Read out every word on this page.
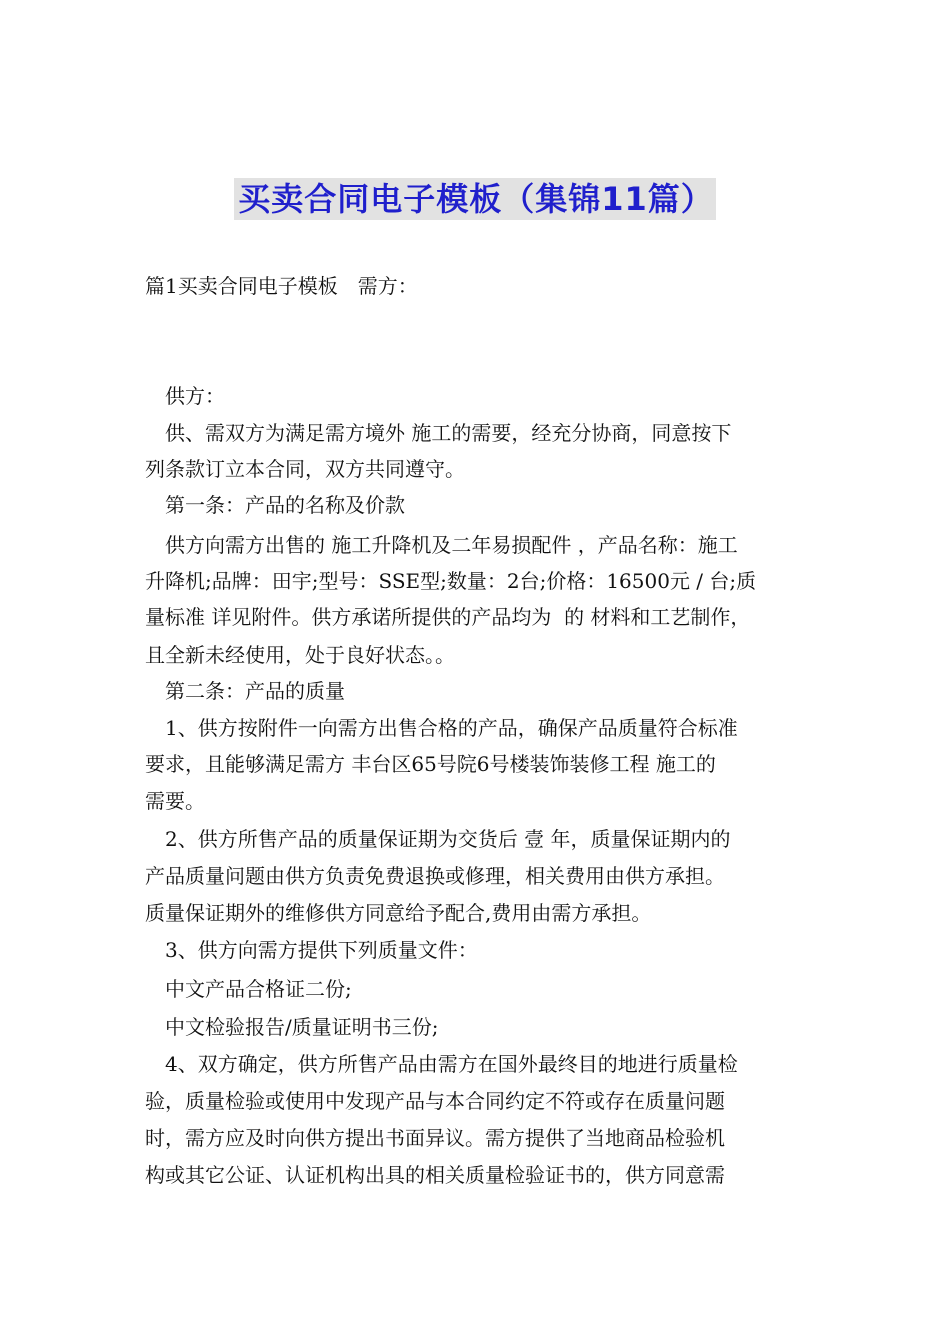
买卖合同电子模板（集锦11篇）
篇1买卖合同电子模板　需方：
供方：
供、需双方为满足需方境外 施工的需要，经充分协商，同意按下
列条款订立本合同，双方共同遵守。
第一条：产品的名称及价款
供方向需方出售的 施工升降机及二年易损配件 ，产品名称：施工
升降机;品牌：田宇;型号：SSE型;数量：2台;价格：16500元 / 台;质
量标准 详见附件。供方承诺所提供的产品均为  的 材料和工艺制作，
且全新未经使用，处于良好状态。。
第二条：产品的质量
1、供方按附件一向需方出售合格的产品，确保产品质量符合标准
要求，且能够满足需方 丰台区65号院6号楼装饰装修工程 施工的
需要。
2、供方所售产品的质量保证期为交货后 壹 年，质量保证期内的
产品质量问题由供方负责免费退换或修理，相关费用由供方承担。
质量保证期外的维修供方同意给予配合,费用由需方承担。
3、供方向需方提供下列质量文件：
中文产品合格证二份;
中文检验报告/质量证明书三份;
4、双方确定，供方所售产品由需方在国外最终目的地进行质量检
验，质量检验或使用中发现产品与本合同约定不符或存在质量问题
时，需方应及时向供方提出书面异议。需方提供了当地商品检验机
构或其它公证、认证机构出具的相关质量检验证书的，供方同意需
